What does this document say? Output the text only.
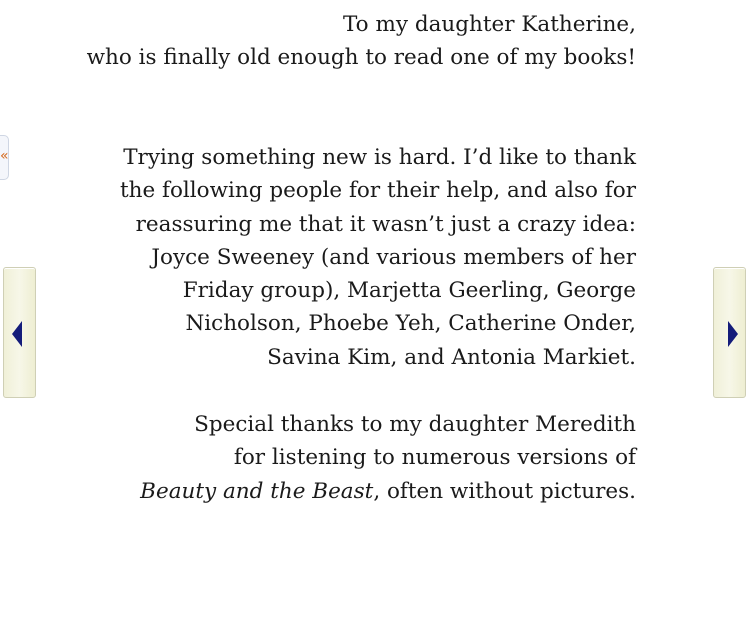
«
To my daughter Katherine,
who is finally old enough to read one of my books!
Trying something new is hard. I’d like to thank
the following people for their help, and also for
reassuring me that it wasn’t just a crazy idea:
Joyce Sweeney (and various members of her
Friday group), Marjetta Geerling, George
Nicholson, Phoebe Yeh, Catherine Onder,
Savina Kim, and Antonia Markiet.
Special thanks to my daughter Meredith
for listening to numerous versions of
Beauty and the Beast, often without pictures.
